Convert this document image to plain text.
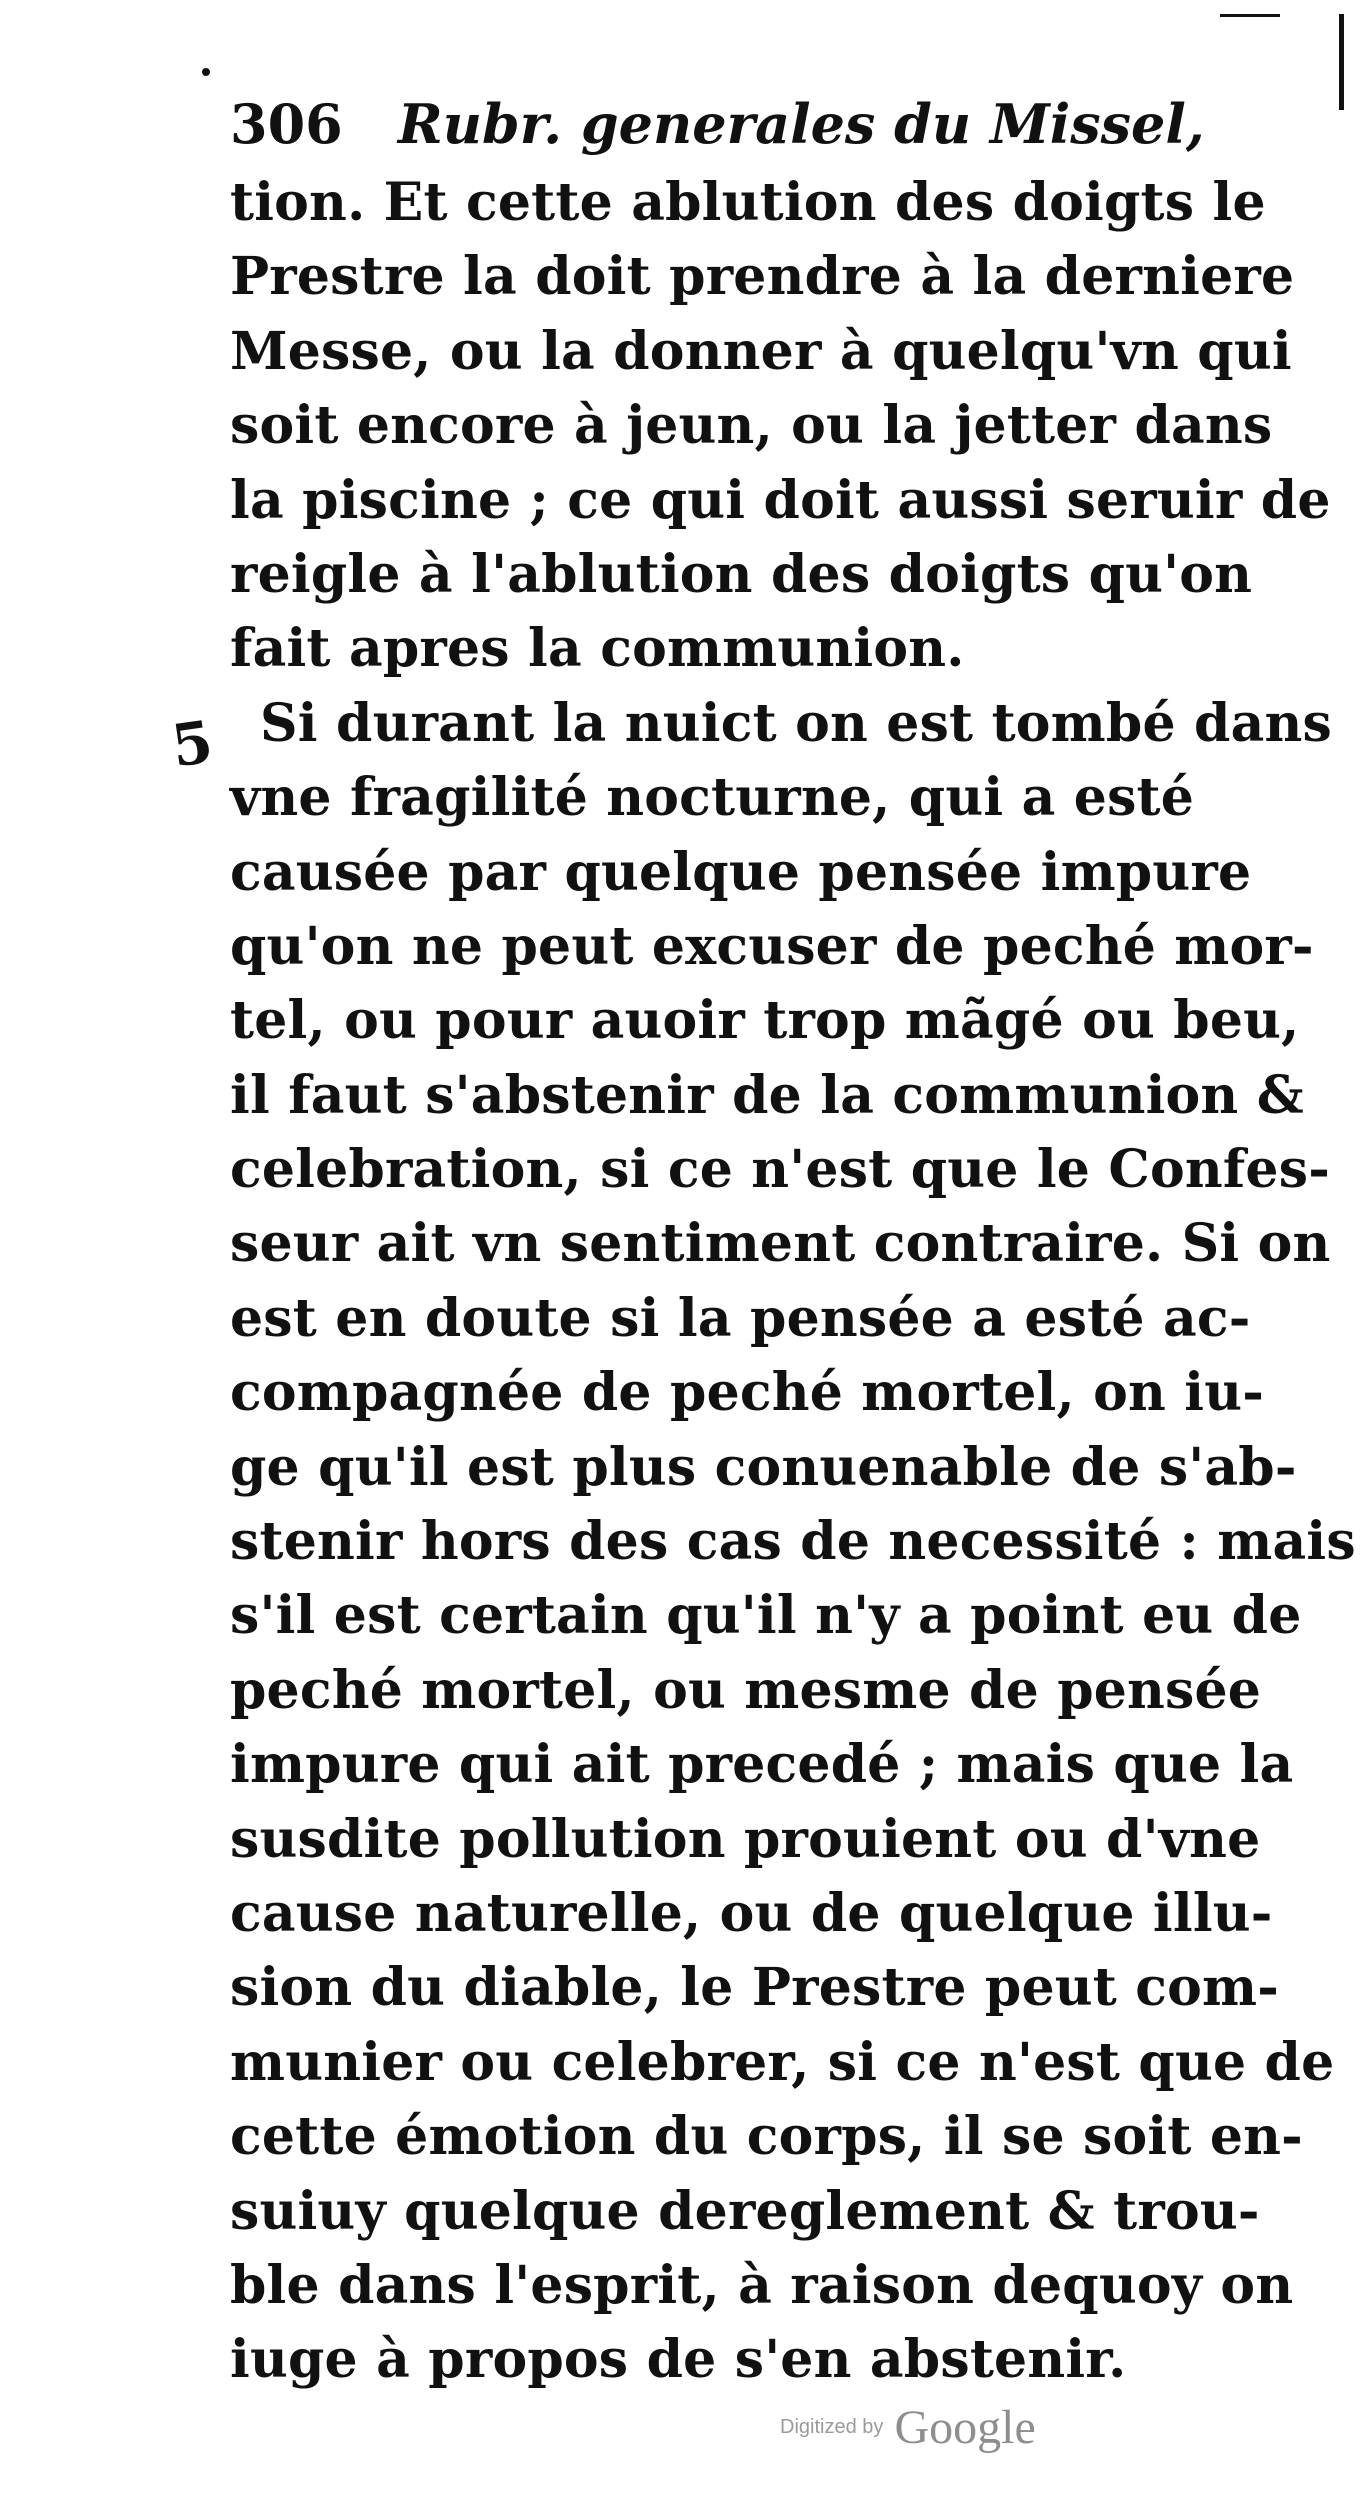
306 Rubr. generales du Missel,
5
tion. Et cette ablution des doigts le
Prestre la doit prendre à la derniere
Messe, ou la donner à quelqu'vn qui
soit encore à jeun, ou la jetter dans
la piscine ; ce qui doit aussi seruir de
reigle à l'ablution des doigts qu'on
fait apres la communion.
Si durant la nuict on est tombé dans
vne fragilité nocturne, qui a esté
causée par quelque pensée impure
qu'on ne peut excuser de peché mor-
tel, ou pour auoir trop mãgé ou beu,
il faut s'abstenir de la communion &
celebration, si ce n'est que le Confes-
seur ait vn sentiment contraire. Si on
est en doute si la pensée a esté ac-
compagnée de peché mortel, on iu-
ge qu'il est plus conuenable de s'ab-
stenir hors des cas de necessité : mais
s'il est certain qu'il n'y a point eu de
peché mortel, ou mesme de pensée
impure qui ait precedé ; mais que la
susdite pollution prouient ou d'vne
cause naturelle, ou de quelque illu-
sion du diable, le Prestre peut com-
munier ou celebrer, si ce n'est que de
cette émotion du corps, il se soit en-
suiuy quelque dereglement & trou-
ble dans l'esprit, à raison dequoy on
iuge à propos de s'en abstenir.
Digitized by Google
